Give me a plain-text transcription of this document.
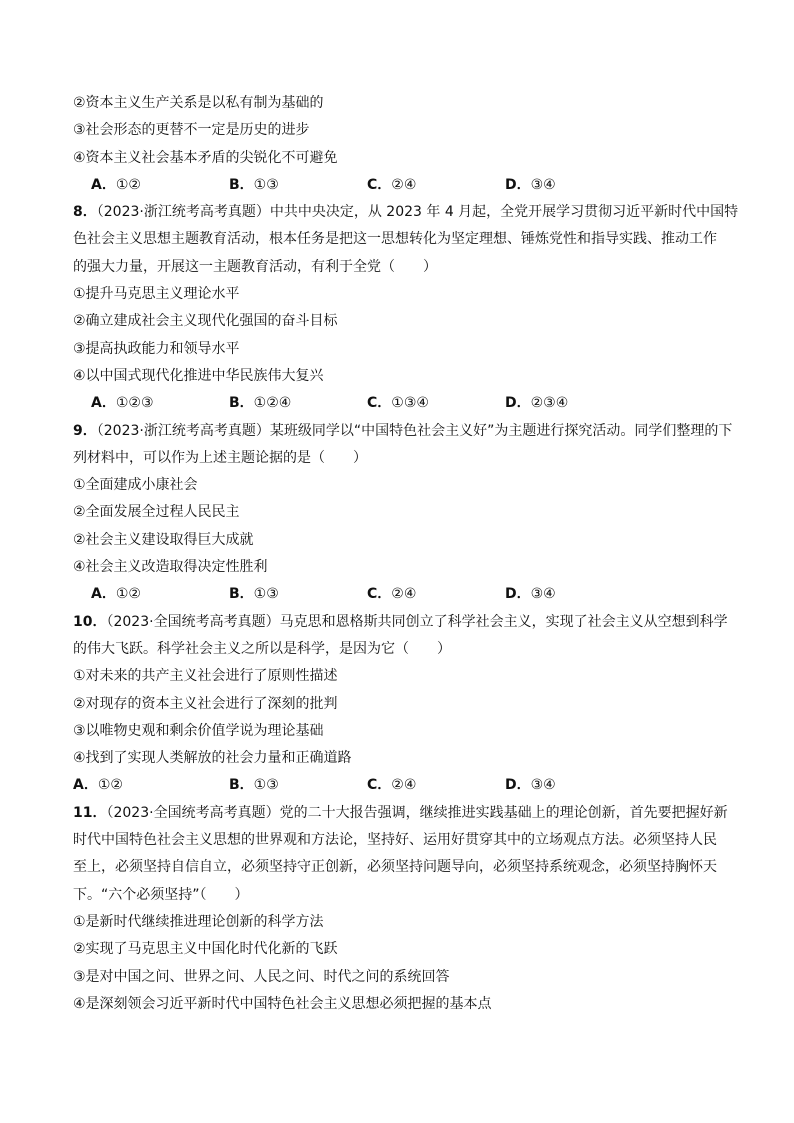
②资本主义生产关系是以私有制为基础的
③社会形态的更替不一定是历史的进步
④资本主义社会基本矛盾的尖锐化不可避免
A．①②	B．①③	C．②④	D．③④
8．（2023·浙江统考高考真题）中共中央决定，从 2023 年 4 月起，全党开展学习贯彻习近平新时代中国特
色社会主义思想主题教育活动，根本任务是把这一思想转化为坚定理想、锤炼党性和指导实践、推动工作
的强大力量，开展这一主题教育活动，有利于全党（　　）
①提升马克思主义理论水平
②确立建成社会主义现代化强国的奋斗目标
③提高执政能力和领导水平
④以中国式现代化推进中华民族伟大复兴
A．①②③	B．①②④	C．①③④	D．②③④
9．（2023·浙江统考高考真题）某班级同学以“中国特色社会主义好”为主题进行探究活动。同学们整理的下
列材料中，可以作为上述主题论据的是（　　）
①全面建成小康社会
②全面发展全过程人民民主
②社会主义建设取得巨大成就
④社会主义改造取得决定性胜利
A．①②	B．①③	C．②④	D．③④
10．（2023·全国统考高考真题）马克思和恩格斯共同创立了科学社会主义，实现了社会主义从空想到科学
的伟大飞跃。科学社会主义之所以是科学，是因为它（　　）
①对未来的共产主义社会进行了原则性描述
②对现存的资本主义社会进行了深刻的批判
③以唯物史观和剩余价值学说为理论基础
④找到了实现人类解放的社会力量和正确道路
A．①②	B．①③	C．②④	D．③④
11．（2023·全国统考高考真题）党的二十大报告强调，继续推进实践基础上的理论创新，首先要把握好新
时代中国特色社会主义思想的世界观和方法论，坚持好、运用好贯穿其中的立场观点方法。必须坚持人民
至上，必须坚持自信自立，必须坚持守正创新，必须坚持问题导向，必须坚持系统观念，必须坚持胸怀天
下。“六个必须坚持”（　　）
①是新时代继续推进理论创新的科学方法
②实现了马克思主义中国化时代化新的飞跃
③是对中国之问、世界之问、人民之问、时代之问的系统回答
④是深刻领会习近平新时代中国特色社会主义思想必须把握的基本点
